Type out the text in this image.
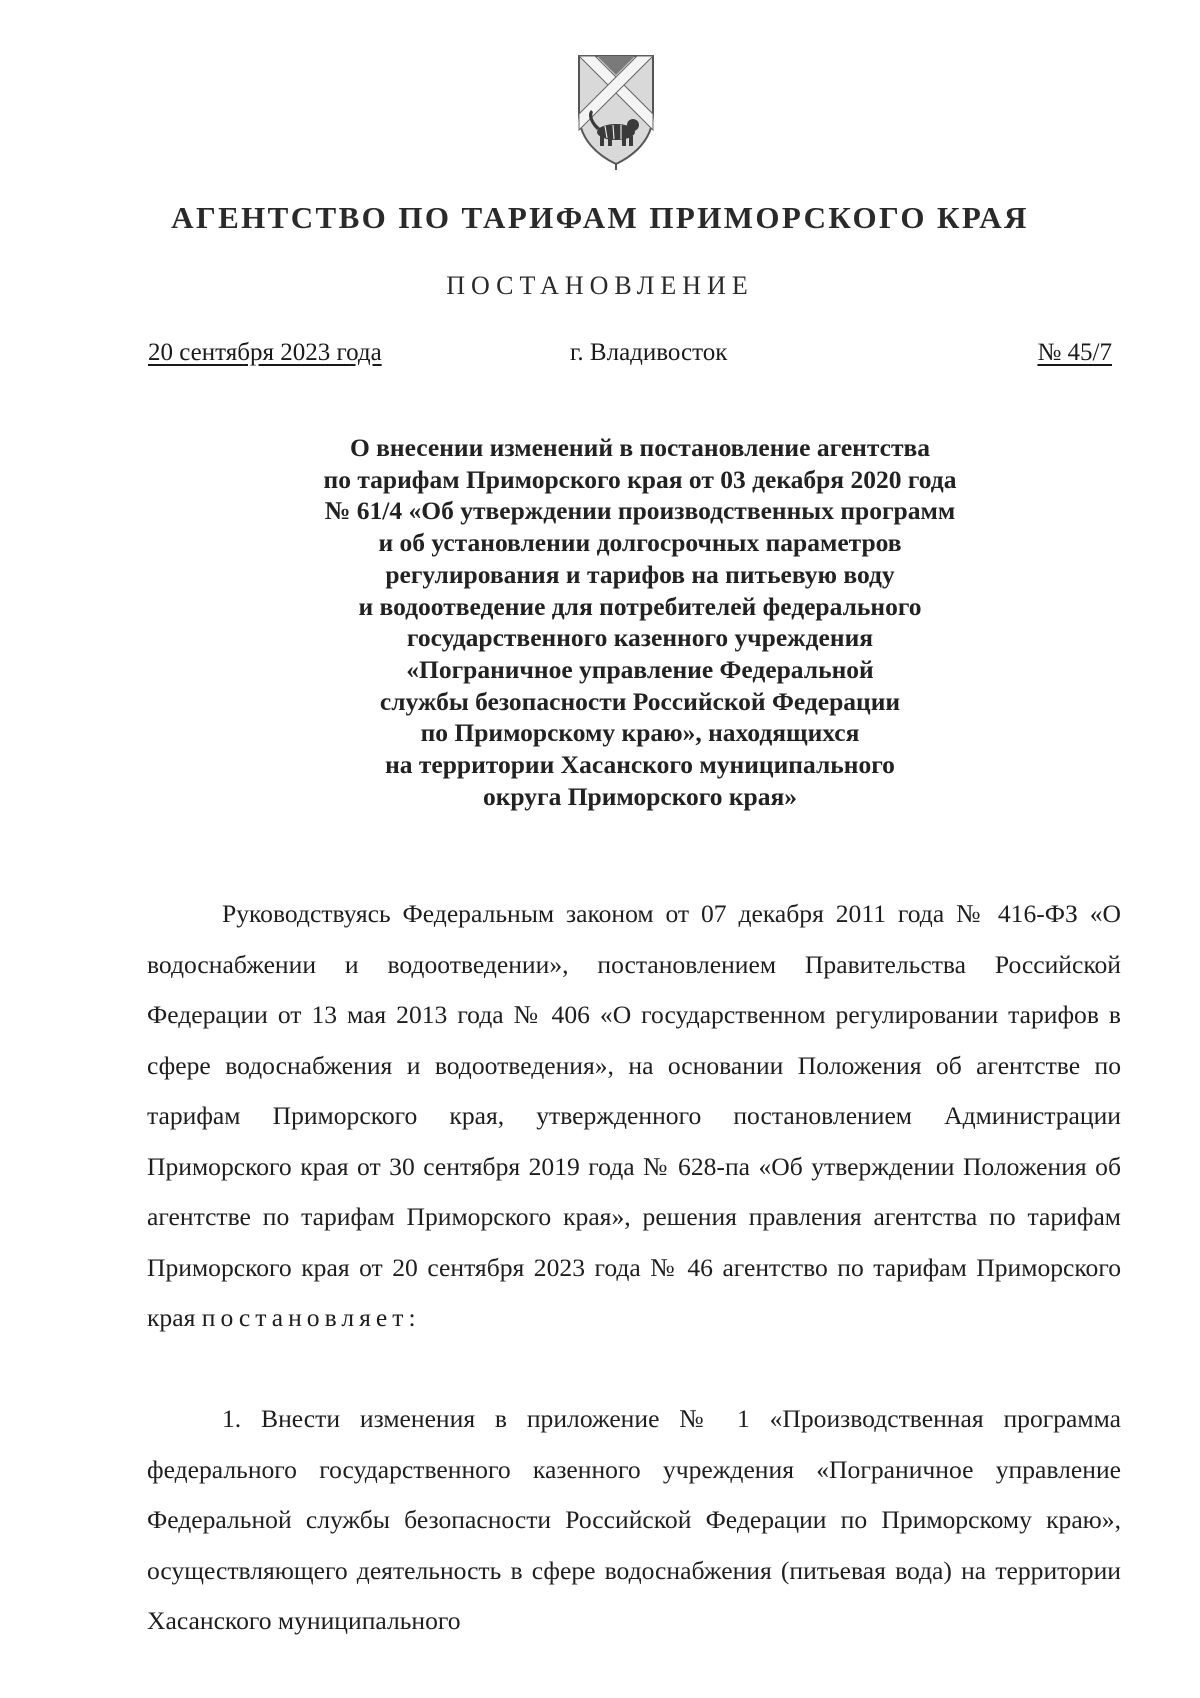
АГЕНТСТВО ПО ТАРИФАМ ПРИМОРСКОГО КРАЯ
ПОСТАНОВЛЕНИЕ
20 сентября 2023 года	г. Владивосток	№ 45/7
О внесении изменений в постановление агентства
по тарифам Приморского края от 03 декабря 2020 года
№ 61/4 «Об утверждении производственных программ
и об установлении долгосрочных параметров
регулирования и тарифов на питьевую воду
и водоотведение для потребителей федерального
государственного казенного учреждения
«Пограничное управление Федеральной
службы безопасности Российской Федерации
по Приморскому краю», находящихся
на территории Хасанского муниципального
округа Приморского края»

Руководствуясь Федеральным законом от 07 декабря 2011 года № 416-ФЗ «О водоснабжении и водоотведении», постановлением Правительства Российской Федерации от 13 мая 2013 года № 406 «О государственном регулировании тарифов в сфере водоснабжения и водоотведения», на основании Положения об агентстве по тарифам Приморского края, утвержденного постановлением Администрации Приморского края от 30 сентября 2019 года № 628-па «Об утверждении Положения об агентстве по тарифам Приморского края», решения правления агентства по тарифам Приморского края от 20 сентября 2023 года № 46 агентство по тарифам Приморского края постановляет:

1. Внести изменения в приложение № 1 «Производственная программа федерального государственного казенного учреждения «Пограничное управление Федеральной службы безопасности Российской Федерации по Приморскому краю», осуществляющего деятельность в сфере водоснабжения (питьевая вода) на территории Хасанского муниципального
